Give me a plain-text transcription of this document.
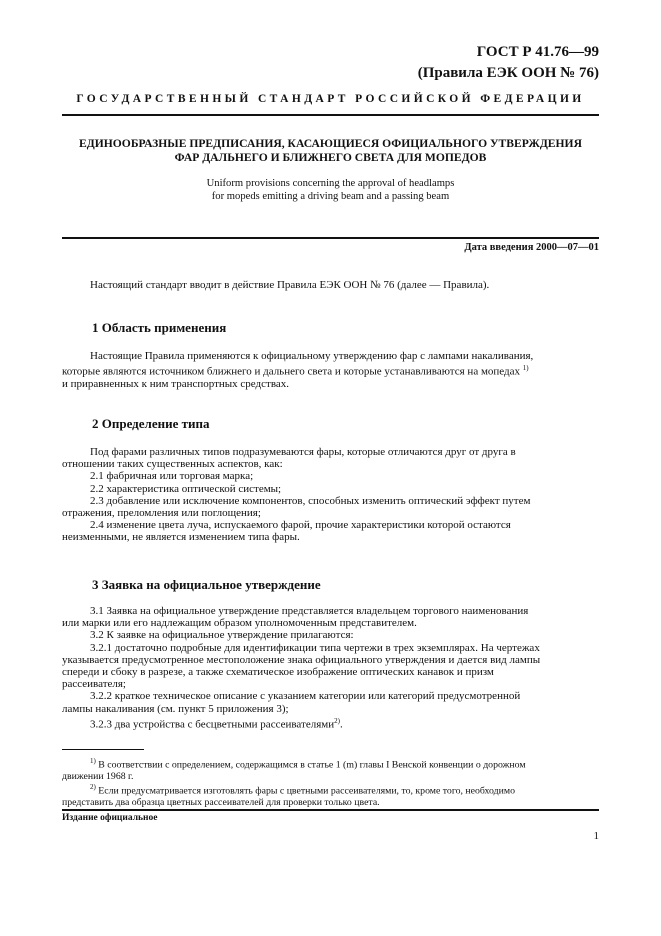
ГОСТ Р 41.76—99
(Правила ЕЭК ООН № 76)
ГОСУДАРСТВЕННЫЙ СТАНДАРТ РОССИЙСКОЙ ФЕДЕРАЦИИ
ЕДИНООБРАЗНЫЕ ПРЕДПИСАНИЯ, КАСАЮЩИЕСЯ ОФИЦИАЛЬНОГО УТВЕРЖДЕНИЯ
ФАР ДАЛЬНЕГО И БЛИЖНЕГО СВЕТА ДЛЯ МОПЕДОВ
Uniform provisions concerning the approval of headlamps
for mopeds emitting a driving beam and a passing beam
Дата введения 2000—07—01
Настоящий стандарт вводит в действие Правила ЕЭК ООН № 76 (далее — Правила).
1 Область применения
Настоящие Правила применяются к официальному утверждению фар с лампами накаливания,
которые являются источником ближнего и дальнего света и которые устанавливаются на мопедах $^{1)}$
и приравненных к ним транспортных средствах.
2 Определение типа
Под фарами различных типов подразумеваются фары, которые отличаются друг от друга в
отношении таких существенных аспектов, как:
2.1 фабричная или торговая марка;
2.2 характеристика оптической системы;
2.3 добавление или исключение компонентов, способных изменить оптический эффект путем
отражения, преломления или поглощения;
2.4 изменение цвета луча, испускаемого фарой, прочие характеристики которой остаются
неизменными, не является изменением типа фары.
3 Заявка на официальное утверждение
3.1 Заявка на официальное утверждение представляется владельцем торгового наименования
или марки или его надлежащим образом уполномоченным представителем.
3.2 К заявке на официальное утверждение прилагаются:
3.2.1 достаточно подробные для идентификации типа чертежи в трех экземплярах. На чертежах
указывается предусмотренное местоположение знака официального утверждения и дается вид лампы
спереди и сбоку в разрезе, а также схематическое изображение оптических канавок и призм
рассеивателя;
3.2.2 краткое техническое описание с указанием категории или категорий предусмотренной
лампы накаливания (см. пункт 5 приложения 3);
3.2.3 два устройства с бесцветными рассеивателями$^{2)}$.
$^{1)}$ В соответствии с определением, содержащимся в статье 1 (m) главы I Венской конвенции о дорожном
движении 1968 г.
$^{2)}$ Если предусматривается изготовлять фары с цветными рассеивателями, то, кроме того, необходимо
представить два образца цветных рассеивателей для проверки только цвета.
Издание официальное
1
